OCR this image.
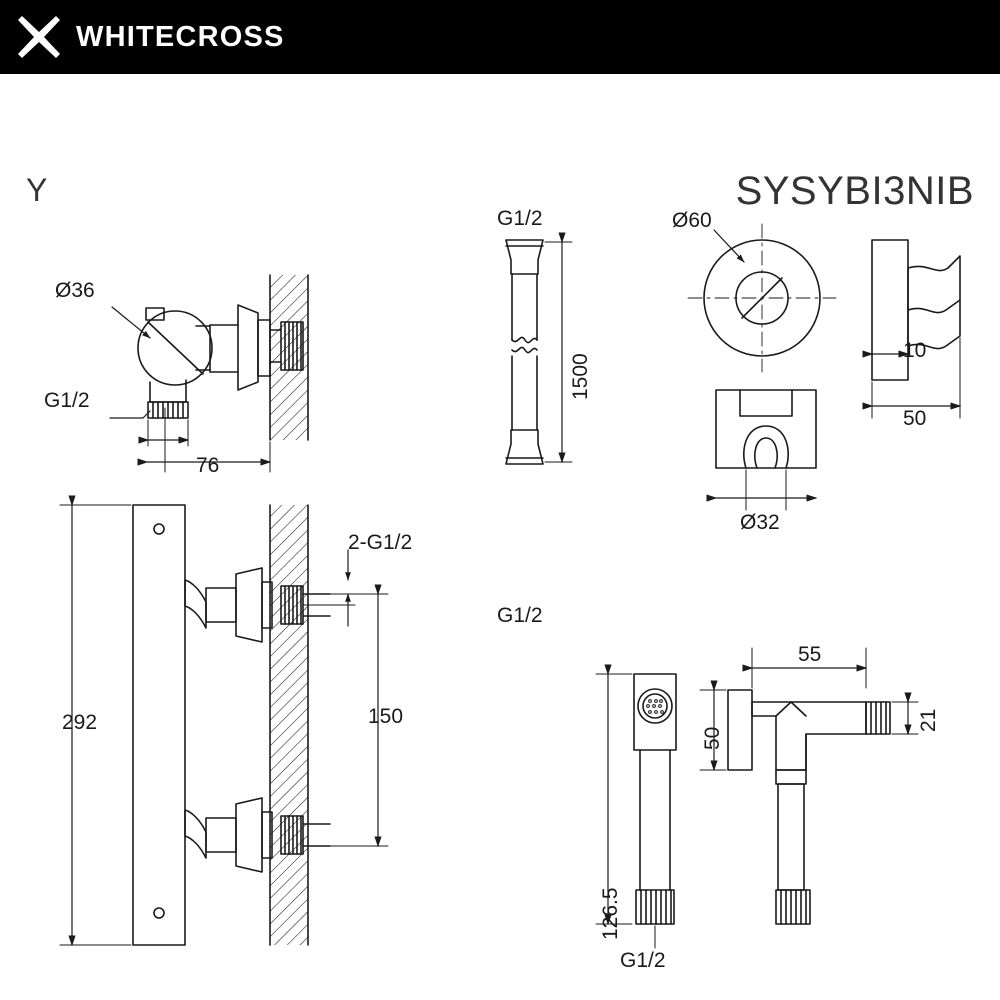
WHITECROSS
Y	SYSYBI3NIB
Ø36
G1/2
76
292
2-G1/2
150
G1/2
1500
G1/2
Ø60
Ø32
10
50
126.5
G1/2
55
21
50
